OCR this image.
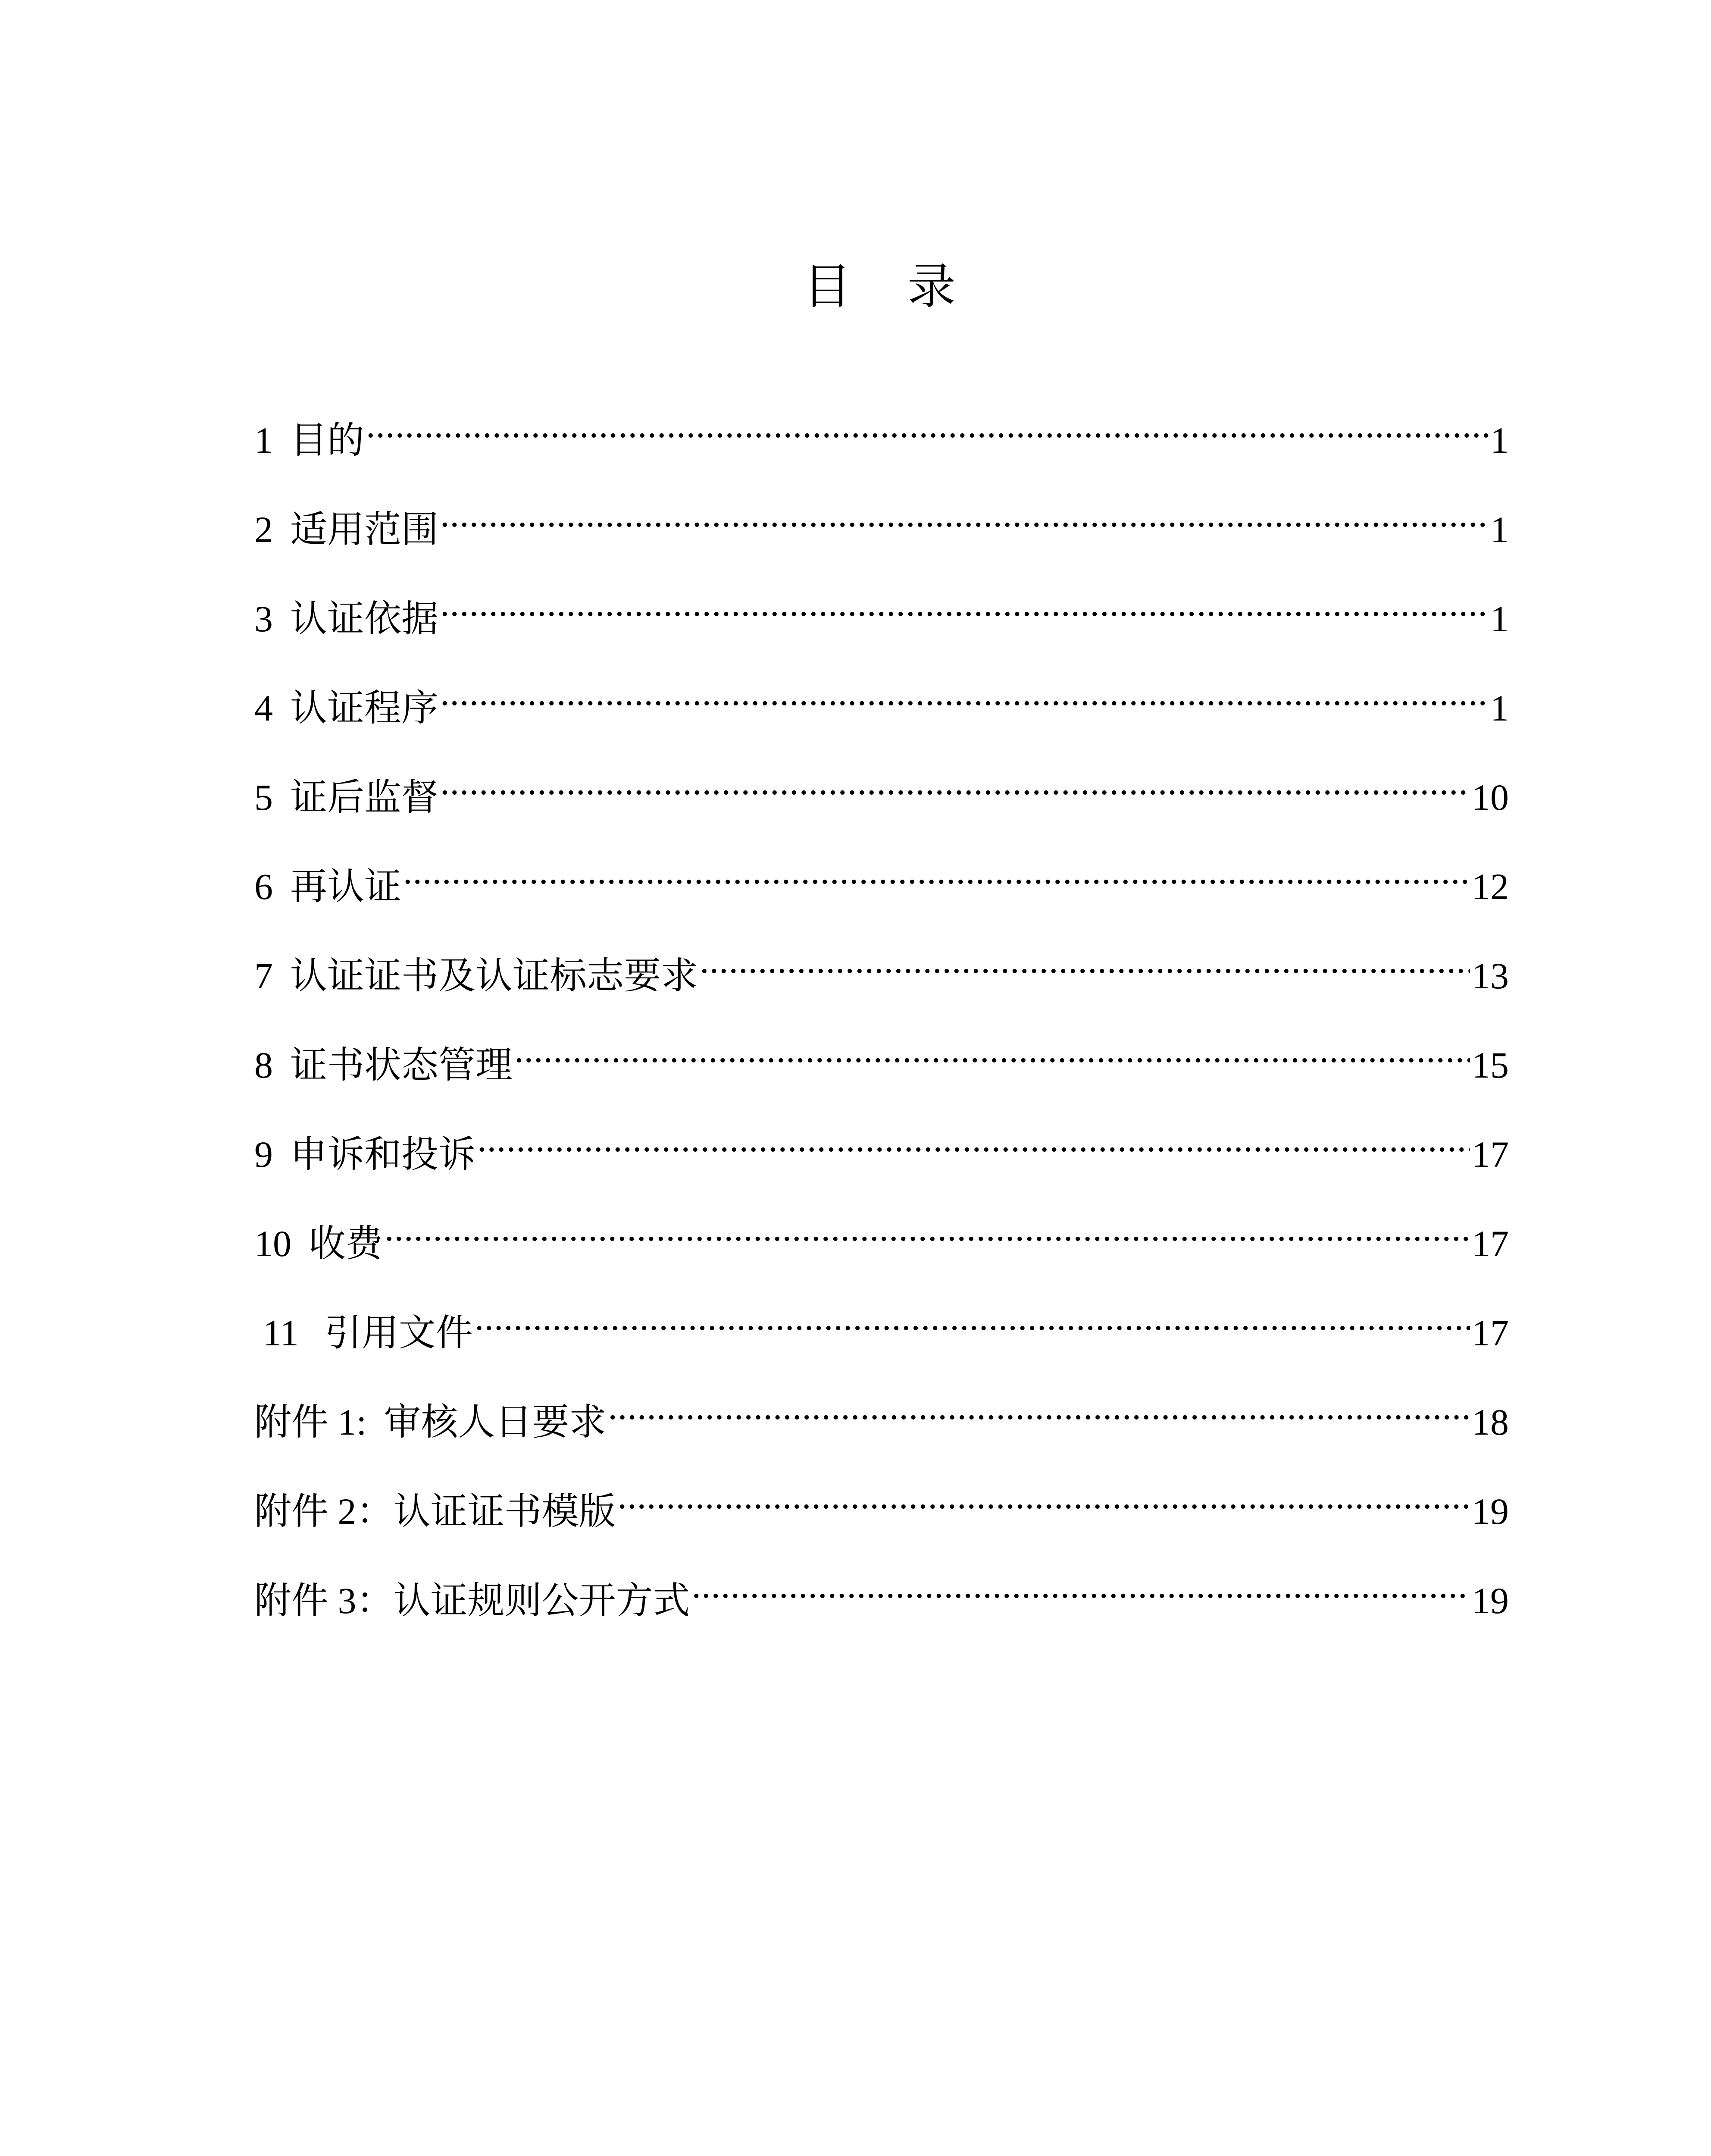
目 录
1 目的 .....	1
2 适用范围 .....	1
3 认证依据 .....	1
4 认证程序 .....	1
5 证后监督 .....	10
6 再认证 .....	12
7 认证证书及认证标志要求 .....	13
8 证书状态管理 .....	15
9 申诉和投诉 .....	17
10 收费 .....	17
11 引用文件 .....	17
附件 1: 审核人日要求 .....	18
附件 2： 认证证书模版 .....	19
附件 3： 认证规则公开方式 .....	19
